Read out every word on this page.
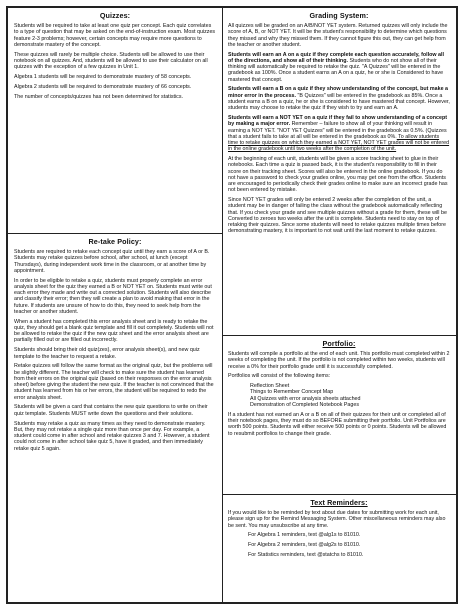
Quizzes:

Students will be required to take at least one quiz per concept. Each quiz correlates to a type of question that may be asked on the end-of-instruction exam. Most quizzes feature 2-3 problems; however, certain concepts may require more questions to demonstrate mastery of the concept.

These quizzes will rarely be multiple choice. Students will be allowed to use their notebook on all quizzes. And, students will be allowed to use their calculator on all quizzes with the exception of a few quizzes in Unit 1.

Algebra 1 students will be required to demonstrate mastery of 58 concepts.

Algebra 2 students will be required to demonstrate mastery of 66 concepts.

The number of concepts/quizzes has not been determined for statistics.

Re-take Policy:

Students are required to retake each concept quiz until they earn a score of A or B. Students may retake quizzes before school, after school, at lunch (except Thursdays), during independent work time in the classroom, or at another time by appointment.

In order to be eligible to retake a quiz, students must properly complete an error analysis sheet for the quiz they earned a B or NOT YET on. Students must write out each error they made and write out a corrected solution. Students will also describe and classify their error; then they will create a plan to avoid making that error in the future. If students are unsure of how to do this, they need to seek help from the teacher or another student.

When a student has completed this error analysis sheet and is ready to retake the quiz, they should get a blank quiz template and fill it out completely. Students will not be allowed to retake the quiz if the new quiz sheet and the error analysis sheet are partially filled out or are filled out incorrectly.

Students should bring their old quiz(zes), error analysis sheet(s), and new quiz template to the teacher to request a retake.

Retake quizzes will follow the same format as the original quiz, but the problems will be slightly different. The teacher will check to make sure the student has learned from their errors on the original quiz (based on their responses on the error analysis sheet) before giving the student the new quiz. If the teacher is not convinced that the student has learned from his or her errors, the student will be required to redo the error analysis sheet.

Students will be given a card that contains the new quiz questions to write on their quiz template. Students MUST write down the questions and their solutions.

Students may retake a quiz as many times as they need to demonstrate mastery. But, they may not retake a single quiz more than once per day. For example, a student could come in after school and retake quizzes 3 and 7. However, a student could not come in after school take quiz 5, have it graded, and then immediately retake quiz 5 again.

Grading System:

All quizzes will be graded on an A/B/NOT YET system. Returned quizzes will only include the score of A, B, or NOT YET. It will be the student's responsibility to determine which questions they missed and why they missed them. If they cannot figure this out, they can get help from the teacher or another student.

Students will earn an A on a quiz if they complete each question accurately, follow all of the directions, and show all of their thinking. Students who do not show all of their thinking will automatically be required to retake the quiz. "A Quizzes" will be entered in the gradebook as 100%. Once a student earns an A on a quiz, he or she is Considered to have mastered that concept.

Students will earn a B on a quiz if they show understanding of the concept, but make a minor error in the process. "B Quizzes" will be entered in the gradebook as 85%. Once a student earns a B on a quiz, he or she is considered to have mastered that concept. However, students may choose to retake the quiz if they wish to try and earn an A.

Students will earn a NOT YET on a quiz if they fail to show understanding of a concept by making a major error. Remember – failure to show all of your thinking will result in earning a NOT YET. "NOT YET Quizzes" will be entered in the gradebook as 0.5%. (Quizzes that a student fails to take at all will be entered in the gradebook as 0%. To allow students time to retake quizzes on which they earned a NOT YET, NOT YET grades will not be entered in the online gradebook until two weeks after the completion of the unit.

At the beginning of each unit, students will be given a score tracking sheet to glue in their notebooks. Each time a quiz is passed back, it is the student's responsibility to fill in their score on their tracking sheet. Scores will also be entered in the online gradebook. If you do not have a password to check your grades online, you may get one from the office. Students are encouraged to periodically check their grades online to make sure an incorrect grade has not been entered by mistake.

Since NOT YET grades will only be entered 2 weeks after the completion of the unit, a student may be in danger of failing the class without the gradebook automatically reflecting that. If you check your grade and see multiple quizzes without a grade for them, these will be Converted to zeroes two weeks after the unit is complete. Students need to stay on top of retaking their quizzes. Since some students will need to retake quizzes multiple times before demonstrating mastery, it is important to not wait until the last moment to retake quizzes.

Portfolio:

Students will compile a portfolio at the end of each unit. This portfolio must completed within 2 weeks of completing the unit. If the portfolio is not completed within two weeks, students will receive a 0% for their portfolio grade until it is successfully completed.

Portfolios will consist of the following items:

Reflection Sheet
Things to Remember Concept Map
All Quizzes with error analysis sheets attached
Demonstration of Completed Notebook Pages

If a student has not earned an A or a B on all of their quizzes for their unit or completed all of their notebook pages, they must do so BEFORE submitting their portfolio. Unit Portfolios are worth 500 points. Students will either receive 500 points or 0 points. Students will be allowed to resubmit portfolios to change their grade.

Text Reminders:

If you would like to be reminded by text about due dates for submitting work for each unit, please sign up for the Remind Messaging System. Other miscellaneous reminders may also be sent. You may unsubscribe at any time.

For Algebra 1 reminders, text @alg1s to 81010.

For Algebra 2 reminders, text @alg2s to 81010.

For Statistics reminders, text @statchs to 81010.
